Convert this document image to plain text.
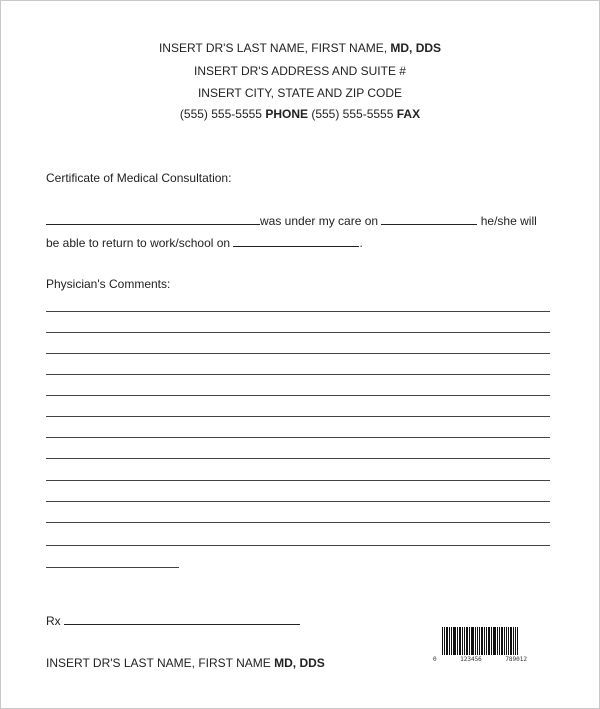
INSERT DR'S LAST NAME, FIRST NAME, MD, DDS
INSERT DR'S ADDRESS AND SUITE #
INSERT CITY, STATE AND ZIP CODE
(555) 555-5555 PHONE (555) 555-5555 FAX
Certificate of Medical Consultation:
was under my care on	he/she will
be able to return to work/school on	.
Physician's Comments:
Rx
INSERT DR'S LAST NAME, FIRST NAME MD, DDS	0	123456	789012
